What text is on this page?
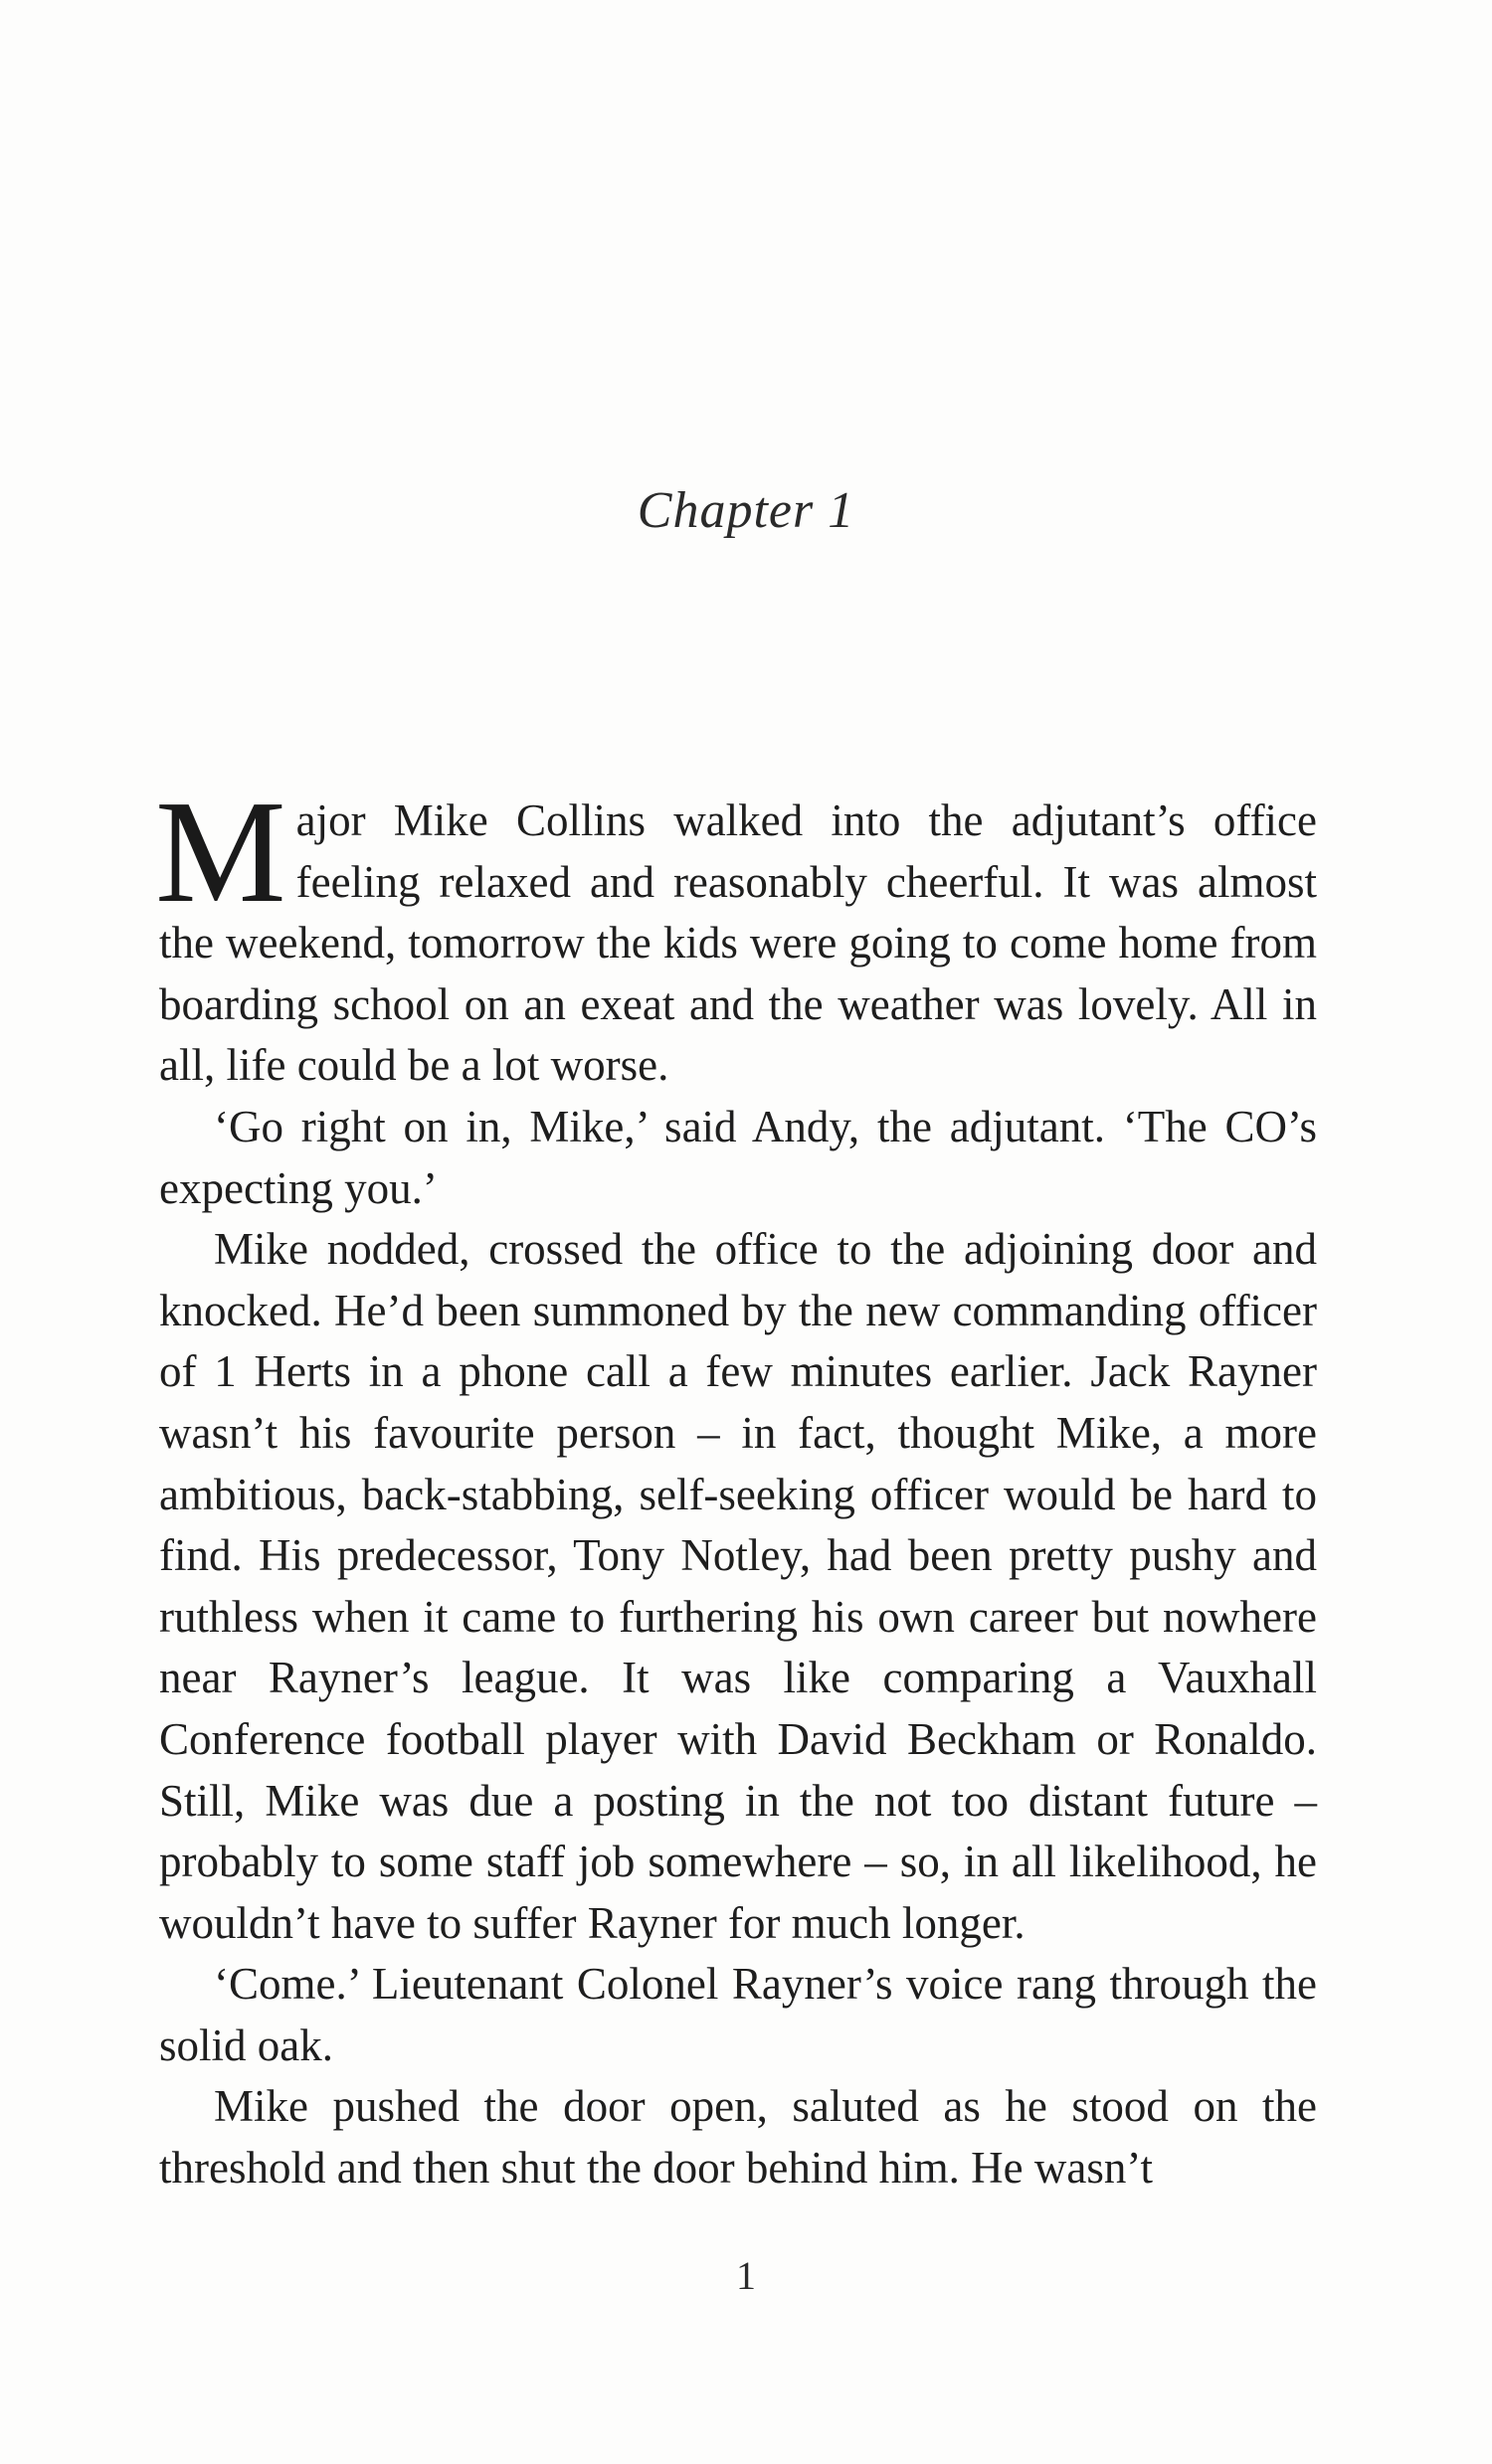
Chapter 1

Major Mike Collins walked into the adjutant’s office feeling relaxed and reasonably cheerful. It was almost the weekend, tomorrow the kids were going to come home from boarding school on an exeat and the weather was lovely. All in all, life could be a lot worse.

‘Go right on in, Mike,’ said Andy, the adjutant. ‘The CO’s expecting you.’

Mike nodded, crossed the office to the adjoining door and knocked. He’d been summoned by the new commanding officer of 1 Herts in a phone call a few minutes earlier. Jack Rayner wasn’t his favourite person – in fact, thought Mike, a more ambitious, back-stabbing, self-seeking officer would be hard to find. His predecessor, Tony Notley, had been pretty pushy and ruthless when it came to furthering his own career but nowhere near Rayner’s league. It was like comparing a Vauxhall Conference football player with David Beckham or Ronaldo. Still, Mike was due a posting in the not too distant future – probably to some staff job somewhere – so, in all likelihood, he wouldn’t have to suffer Rayner for much longer.

‘Come.’ Lieutenant Colonel Rayner’s voice rang through the solid oak.

Mike pushed the door open, saluted as he stood on the threshold and then shut the door behind him. He wasn’t

1
